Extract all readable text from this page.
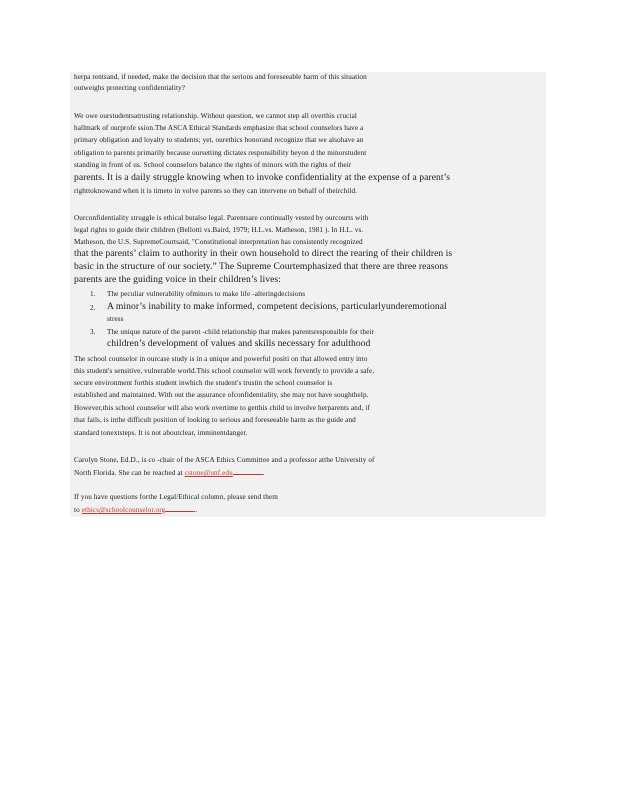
herpa rentsand, if needed, make the decision that the serious and foreseeable harm of this situation

outweighs protecting confidentiality?

We owe ourstudentsatrusting relationship. Without question, we cannot step all overthis crucial

hallmark of ourprofe ssion.The ASCA Ethical Standards emphasize that school counselors have a

primary obligation and loyalty to students; yet, ourethics honorand recognize that we alsohave an

obligation to parents primarily because oursetting dictates responsibility beyon d the minorstudent

standing in front of us. School counselors balance the rights of minors with the rights of their

parents. It is a daily struggle knowing when to invoke confidentiality at the expense of a parent’s

righttoknowand when it is timeto in volve parents so they can intervene on behalf of theirchild.

Ourconfidentiality struggle is ethical butalso legal. Parentsare continually vested by ourcourts with

legal rights to guide their children (Bellotti vs.Baird, 1979; H.L.vs. Matheson, 1981 ). In H.L. vs.

Matheson, the U.S. SupremeCourtsaid, "Constitutional interpretation has consistently recognized

that the parents’ claim to authority in their own household to direct the rearing of their children is

basic in the structure of our society.” The Supreme Courtemphasized that there are three reasons

parents are the guiding voice in their children’s lives:

1.	The peculiar vulnerability ofminors to make life -alteringdecisions

2.	A minor’s inability to make informed, competent decisions, particularlyunderemotional

stress

3.	The unique nature of the parent -child relationship that makes parentsresponsible for their

children’s development of values and skills necessary for adulthood

The school counselor in ourcase study is in a unique and powerful positi on that allowed entry into

this student's sensitive, vulnerable world.This school counselor will work fervently to provide a safe,

secure environment forthis student inwhich the student's trustin the school counselor is

established and maintained. With out the assurance ofconfidentiality, she may not have soughthelp.

However,this school counselor will also work overtime to getthis child to involve herparents and, if

that fails, is inthe difficult position of looking to serious and foreseeable harm as the guide and

standard tonextsteps. It is not aboutclear, imminentdanger.

Carolyn Stone, Ed.D., is co -chair of the ASCA Ethics Committee and a professor atthe University of

North Florida. She can be reached at cstone@unf.edu	.

If you have questions forthe Legal/Ethical column, please send them

to ethics@schoolcounselor.org	.
